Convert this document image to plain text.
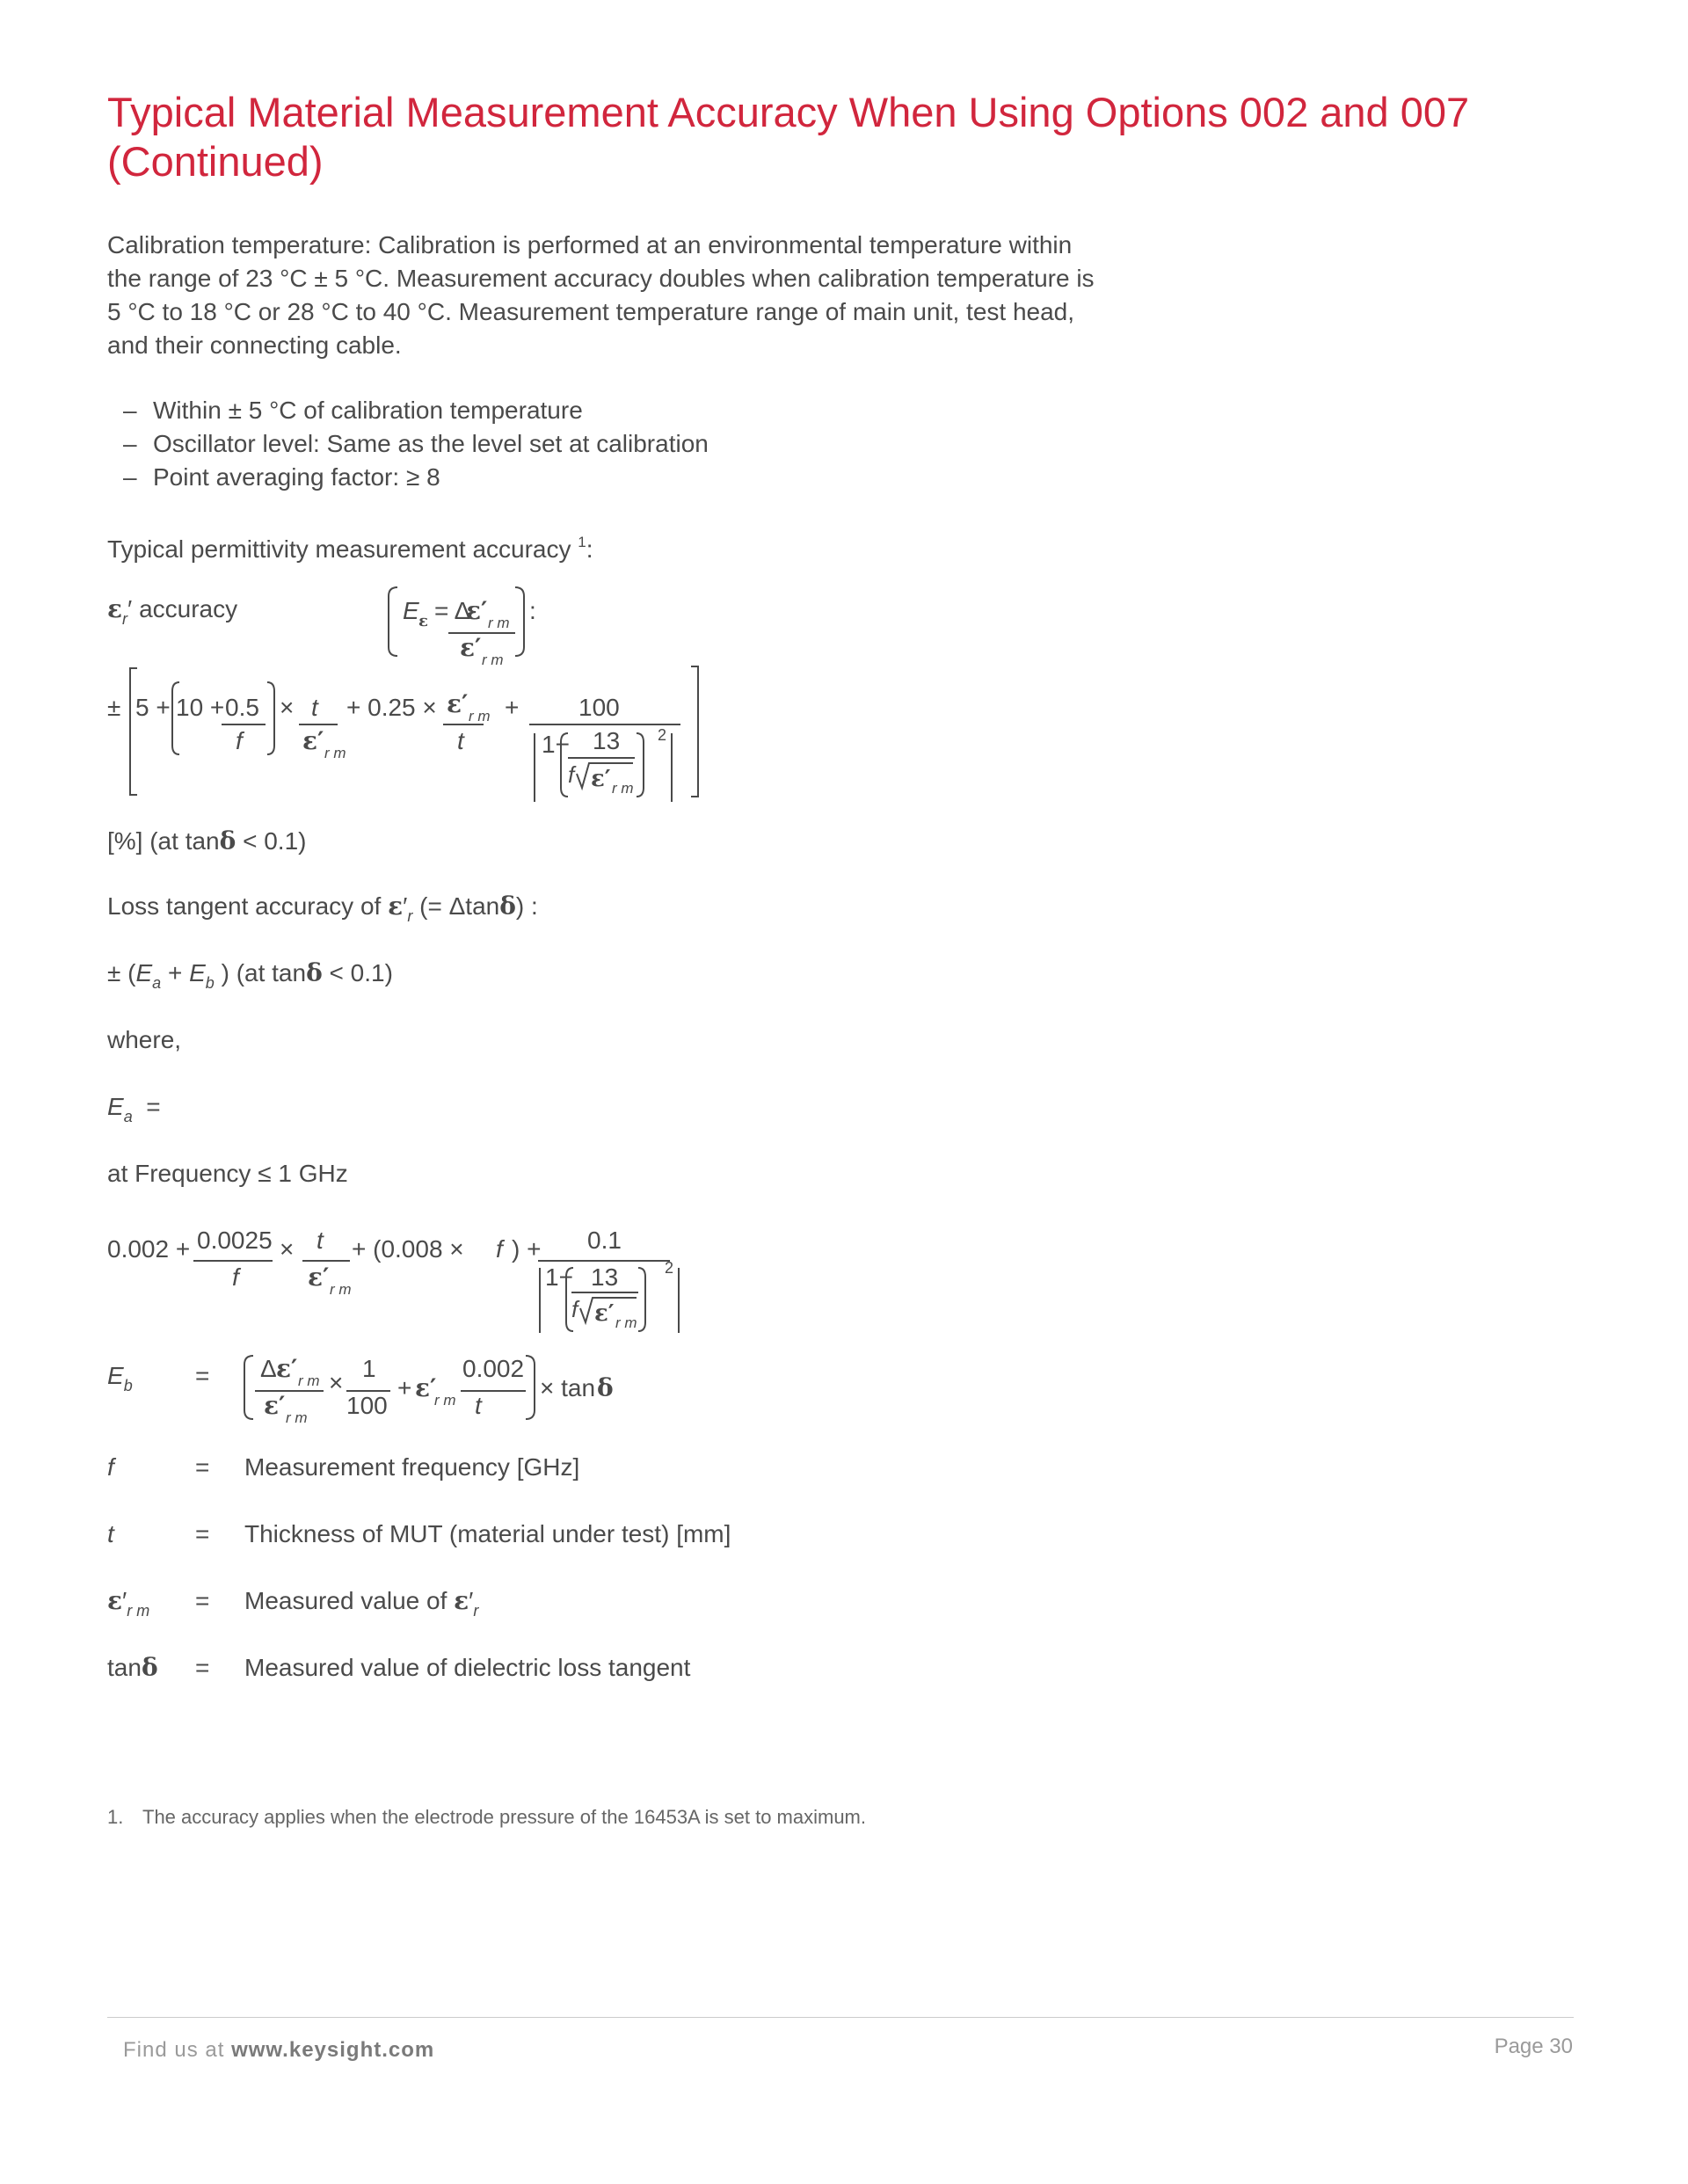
Typical Material Measurement Accuracy When Using Options 002 and 007 (Continued)
Calibration temperature: Calibration is performed at an environmental temperature within the range of 23 °C ± 5 °C. Measurement accuracy doubles when calibration temperature is 5 °C to 18 °C or 28 °C to 40 °C. Measurement temperature range of main unit, test head, and their connecting cable.
– Within ± 5 °C of calibration temperature
– Oscillator level: Same as the level set at calibration
– Point averaging factor: ≥ 8
Typical permittivity measurement accuracy $^1$:
$\varepsilon_r'$ accuracy	E ε = Δ
ε′ r m
ε′ r m
:
± 5 + 10 + 0.5
f
× t
ε′ r m
+ 0.25 × ε′ r m
t
+ 100
1− 13
f ε′ r m
2
[%] (at tanδ < 0.1)
Loss tangent accuracy of $\varepsilon'_r$ (= Δtanδ) :
± ($E_a + E_b$ ) (at tanδ < 0.1)
where,
$E_a$ =
at Frequency ≤ 1 GHz
0.002 + 0.0025
f
× t
ε′ r m
+ (0.008 × f ) + 0.1
1− 13
f ε′ r m
2
$E_b$	= Δ ε′ r m
ε′ r m
×
1
100
+ ε′
r m
0.002
t
× tan δ
f	= Measurement frequency [GHz]
t	= Thickness of MUT (material under test) [mm]
$\varepsilon'_{r m}$ = Measured value of $\varepsilon'_r$
tanδ = Measured value of dielectric loss tangent
1. The accuracy applies when the electrode pressure of the 16453A is set to maximum.
Find us at www.keysight.com	Page 30
